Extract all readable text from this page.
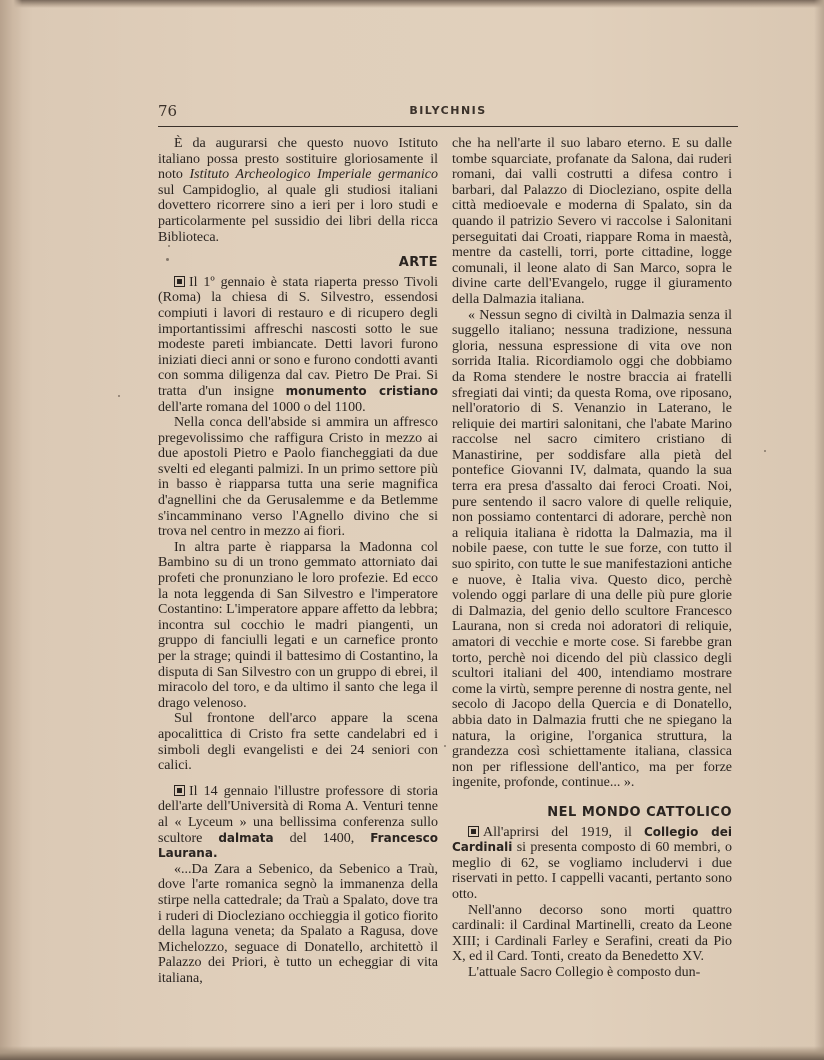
76	BILYCHNIS

È da augurarsi che questo nuovo Istituto italiano possa presto sostituire gloriosamente il noto Istituto Archeologico Imperiale germanico sul Campidoglio, al quale gli studiosi italiani dovettero ricorrere sino a ieri per i loro studi e particolarmente pel sussidio dei libri della ricca Biblioteca.

ARTE

Il 1º gennaio è stata riaperta presso Tivoli (Roma) la chiesa di S. Silvestro, essendosi compiuti i lavori di restauro e di ricupero degli importantissimi affreschi nascosti sotto le sue modeste pareti imbiancate. Detti lavori furono iniziati dieci anni or sono e furono condotti avanti con somma diligenza dal cav. Pietro De Prai. Si tratta d'un insigne monumento cristiano dell'arte romana del 1000 o del 1100.

Nella conca dell'abside si ammira un affresco pregevolissimo che raffigura Cristo in mezzo ai due apostoli Pietro e Paolo fiancheggiati da due svelti ed eleganti palmizi. In un primo settore più in basso è riapparsa tutta una serie magnifica d'agnellini che da Gerusalemme e da Betlemme s'incamminano verso l'Agnello divino che si trova nel centro in mezzo ai fiori.

In altra parte è riapparsa la Madonna col Bambino su di un trono gemmato attorniato dai profeti che pronunziano le loro profezie. Ed ecco la nota leggenda di San Silvestro e l'imperatore Costantino: L'imperatore appare affetto da lebbra; incontra sul cocchio le madri piangenti, un gruppo di fanciulli legati e un carnefice pronto per la strage; quindi il battesimo di Costantino, la disputa di San Silvestro con un gruppo di ebrei, il miracolo del toro, e da ultimo il santo che lega il drago velenoso.

Sul frontone dell'arco appare la scena apocalittica di Cristo fra sette candelabri ed i simboli degli evangelisti e dei 24 seniori con calici.

Il 14 gennaio l'illustre professore di storia dell'arte dell'Università di Roma A. Venturi tenne al « Lyceum » una bellissima conferenza sullo scultore dalmata del 1400, Francesco Laurana.

«...Da Zara a Sebenico, da Sebenico a Traù, dove l'arte romanica segnò la immanenza della stirpe nella cattedrale; da Traù a Spalato, dove tra i ruderi di Diocleziano occhieggia il gotico fiorito della laguna veneta; da Spalato a Ragusa, dove Michelozzo, seguace di Donatello, architettò il Palazzo dei Priori, è tutto un echeggiar di vita italiana,

che ha nell'arte il suo labaro eterno. E su dalle tombe squarciate, profanate da Salona, dai ruderi romani, dai valli costrutti a difesa contro i barbari, dal Palazzo di Diocleziano, ospite della città medioevale e moderna di Spalato, sin da quando il patrizio Severo vi raccolse i Salonitani perseguitati dai Croati, riappare Roma in maestà, mentre da castelli, torri, porte cittadine, logge comunali, il leone alato di San Marco, sopra le divine carte dell'Evangelo, rugge il giuramento della Dalmazia italiana.

« Nessun segno di civiltà in Dalmazia senza il suggello italiano; nessuna tradizione, nessuna gloria, nessuna espressione di vita ove non sorrida Italia. Ricordiamolo oggi che dobbiamo da Roma stendere le nostre braccia ai fratelli sfregiati dai vinti; da questa Roma, ove riposano, nell'oratorio di S. Venanzio in Laterano, le reliquie dei martiri salonitani, che l'abate Marino raccolse nel sacro cimitero cristiano di Manastirine, per soddisfare alla pietà del pontefice Giovanni IV, dalmata, quando la sua terra era presa d'assalto dai feroci Croati. Noi, pure sentendo il sacro valore di quelle reliquie, non possiamo contentarci di adorare, perchè non a reliquia italiana è ridotta la Dalmazia, ma il nobile paese, con tutte le sue forze, con tutto il suo spirito, con tutte le sue manifestazioni antiche e nuove, è Italia viva. Questo dico, perchè volendo oggi parlare di una delle più pure glorie di Dalmazia, del genio dello scultore Francesco Laurana, non si creda noi adoratori di reliquie, amatori di vecchie e morte cose. Si farebbe gran torto, perchè noi dicendo del più classico degli scultori italiani del 400, intendiamo mostrare come la virtù, sempre perenne di nostra gente, nel secolo di Jacopo della Quercia e di Donatello, abbia dato in Dalmazia frutti che ne spiegano la natura, la origine, l'organica struttura, la grandezza così schiettamente italiana, classica non per riflessione dell'antico, ma per forze ingenite, profonde, continue... ».

NEL MONDO CATTOLICO

All'aprirsi del 1919, il Collegio dei Cardinali si presenta composto di 60 membri, o meglio di 62, se vogliamo includervi i due riservati in petto. I cappelli vacanti, pertanto sono otto.

Nell'anno decorso sono morti quattro cardinali: il Cardinal Martinelli, creato da Leone XIII; i Cardinali Farley e Serafini, creati da Pio X, ed il Card. Tonti, creato da Benedetto XV.

L'attuale Sacro Collegio è composto dun-
